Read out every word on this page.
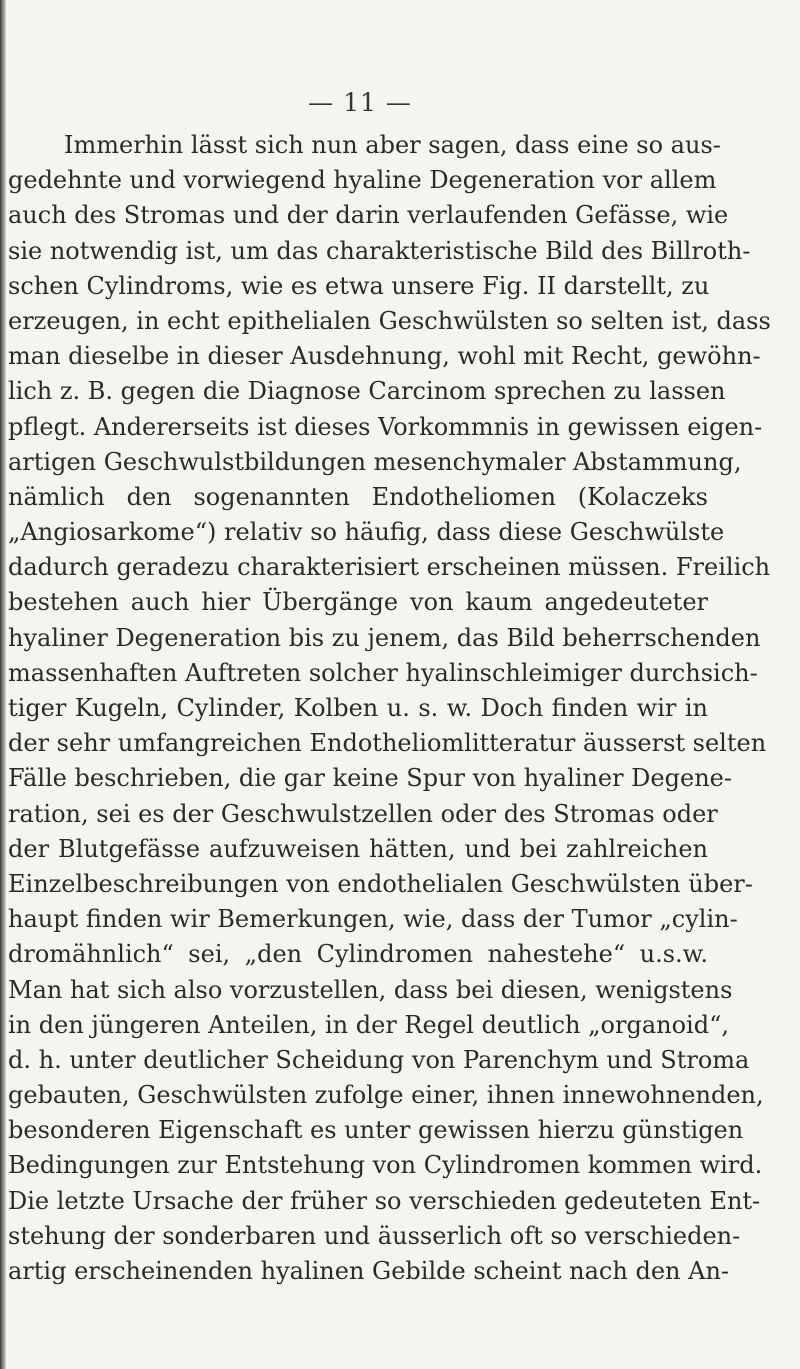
— 11 —
Immerhin lässt sich nun aber sagen, dass eine so aus-
gedehnte und vorwiegend hyaline Degeneration vor allem
auch des Stromas und der darin verlaufenden Gefässe, wie
sie notwendig ist, um das charakteristische Bild des Billroth-
schen Cylindroms, wie es etwa unsere Fig. II darstellt, zu
erzeugen, in echt epithelialen Geschwülsten so selten ist, dass
man dieselbe in dieser Ausdehnung, wohl mit Recht, gewöhn-
lich z. B. gegen die Diagnose Carcinom sprechen zu lassen
pflegt. Andererseits ist dieses Vorkommnis in gewissen eigen-
artigen Geschwulstbildungen mesenchymaler Abstammung,
nämlich den sogenannten Endotheliomen (Kolaczeks
„Angiosarkome“) relativ so häufig, dass diese Geschwülste
dadurch geradezu charakterisiert erscheinen müssen. Freilich
bestehen auch hier Übergänge von kaum angedeuteter
hyaliner Degeneration bis zu jenem, das Bild beherrschenden
massenhaften Auftreten solcher hyalinschleimiger durchsich-
tiger Kugeln, Cylinder, Kolben u. s. w. Doch finden wir in
der sehr umfangreichen Endotheliomlitteratur äusserst selten
Fälle beschrieben, die gar keine Spur von hyaliner Degene-
ration, sei es der Geschwulstzellen oder des Stromas oder
der Blutgefässe aufzuweisen hätten, und bei zahlreichen
Einzelbeschreibungen von endothelialen Geschwülsten über-
haupt finden wir Bemerkungen, wie, dass der Tumor „cylin-
dromähnlich“ sei, „den Cylindromen nahestehe“ u.s.w.
Man hat sich also vorzustellen, dass bei diesen, wenigstens
in den jüngeren Anteilen, in der Regel deutlich „organoid“,
d. h. unter deutlicher Scheidung von Parenchym und Stroma
gebauten, Geschwülsten zufolge einer, ihnen innewohnenden,
besonderen Eigenschaft es unter gewissen hierzu günstigen
Bedingungen zur Entstehung von Cylindromen kommen wird.
Die letzte Ursache der früher so verschieden gedeuteten Ent-
stehung der sonderbaren und äusserlich oft so verschieden-
artig erscheinenden hyalinen Gebilde scheint nach den An-
